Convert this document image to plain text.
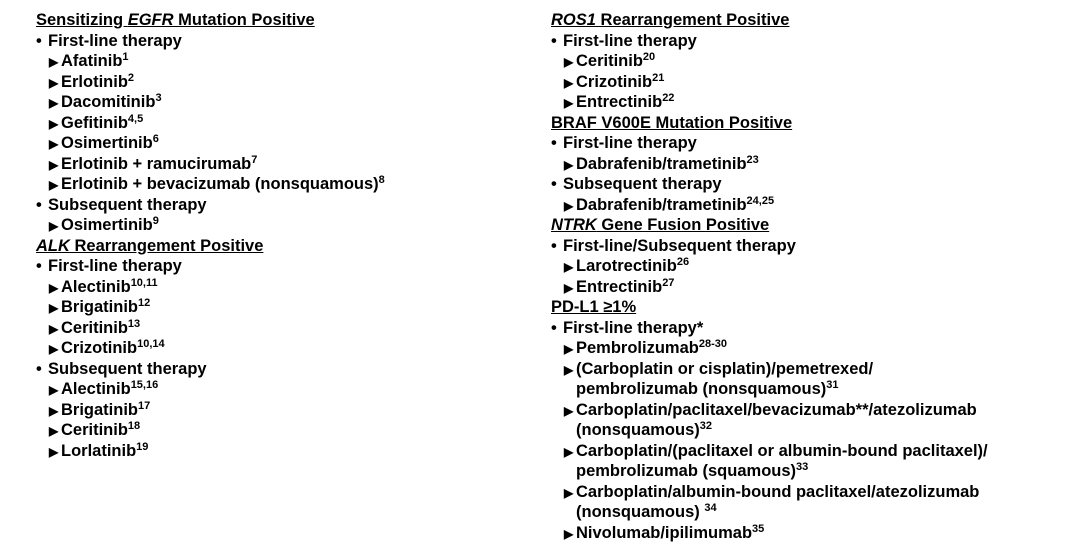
Sensitizing EGFR Mutation Positive
• First-line therapy
▶ Afatinib$^1$
▶ Erlotinib$^2$
▶ Dacomitinib$^3$
▶ Gefitinib$^{4,5}$
▶ Osimertinib$^6$
▶ Erlotinib + ramucirumab$^7$
▶ Erlotinib + bevacizumab (nonsquamous)$^8$
• Subsequent therapy
▶ Osimertinib$^9$
ALK Rearrangement Positive
• First-line therapy
▶ Alectinib$^{10,11}$
▶ Brigatinib$^{12}$
▶ Ceritinib$^{13}$
▶ Crizotinib$^{10,14}$
• Subsequent therapy
▶ Alectinib$^{15,16}$
▶ Brigatinib$^{17}$
▶ Ceritinib$^{18}$
▶ Lorlatinib$^{19}$
ROS1 Rearrangement Positive
• First-line therapy
▶ Ceritinib$^{20}$
▶ Crizotinib$^{21}$
▶ Entrectinib$^{22}$
BRAF V600E Mutation Positive
• First-line therapy
▶ Dabrafenib/trametinib$^{23}$
• Subsequent therapy
▶ Dabrafenib/trametinib$^{24,25}$
NTRK Gene Fusion Positive
• First-line/Subsequent therapy
▶ Larotrectinib$^{26}$
▶ Entrectinib$^{27}$
PD-L1 ≥1%
• First-line therapy*
▶ Pembrolizumab$^{28-30}$
▶ (Carboplatin or cisplatin)/pemetrexed/
pembrolizumab (nonsquamous)$^{31}$
▶ Carboplatin/paclitaxel/bevacizumab**/atezolizumab
(nonsquamous)$^{32}$
▶ Carboplatin/(paclitaxel or albumin-bound paclitaxel)/
pembrolizumab (squamous)$^{33}$
▶ Carboplatin/albumin-bound paclitaxel/atezolizumab
(nonsquamous) $^{34}$
▶ Nivolumab/ipilimumab$^{35}$
